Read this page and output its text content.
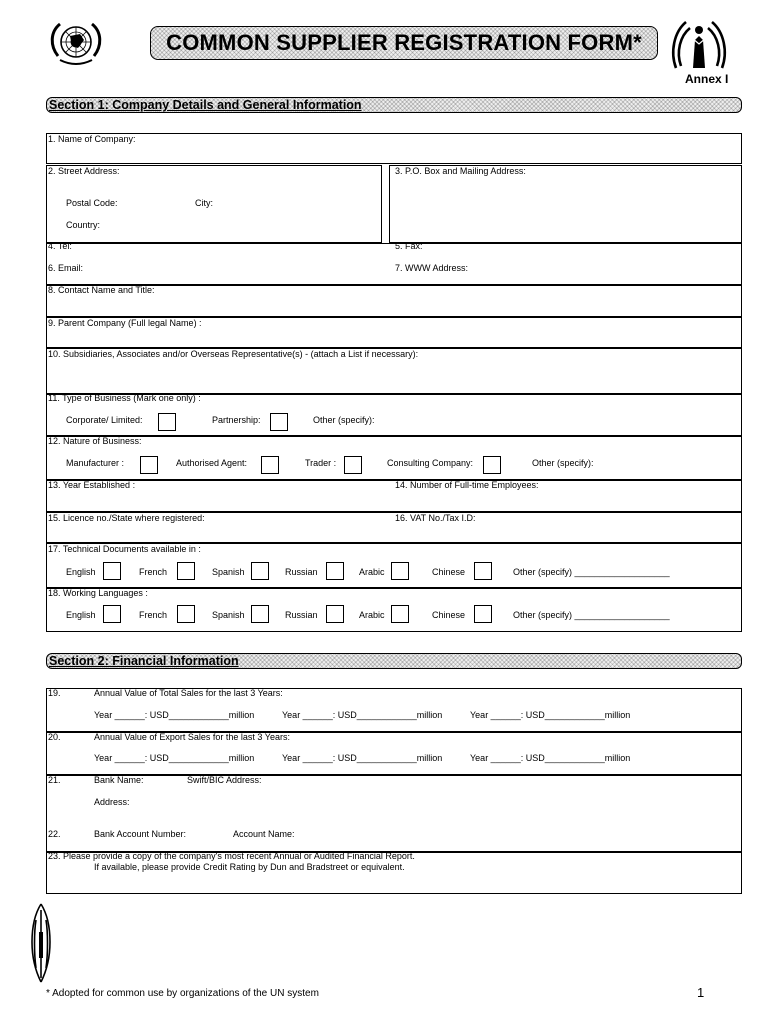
COMMON SUPPLIER REGISTRATION FORM*
Annex I
Section 1: Company Details and General Information
1. Name of Company:
2. Street Address:
Postal Code:	City:
Country:
3. P.O. Box and Mailing Address:
4. Tel:	5. Fax:
6. Email:	7. WWW Address:
8. Contact Name and Title:
9. Parent Company (Full legal Name) :
10. Subsidiaries, Associates and/or Overseas Representative(s) - (attach a List if necessary):
11. Type of Business (Mark one only) :
Corporate/ Limited:	Partnership:	Other (specify):
12. Nature of Business:
Manufacturer :	Authorised Agent:	Trader :	Consulting Company:	Other (specify):
13. Year Established :	14. Number of Full-time Employees:
15. Licence no./State where registered:	16. VAT No./Tax I.D:
17. Technical Documents available in :
English	French	Spanish	Russian	Arabic	Chinese	Other (specify) ___________________
18. Working Languages :
English	French	Spanish	Russian	Arabic	Chinese	Other (specify) ___________________
Section 2: Financial Information
19.	Annual Value of Total Sales for the last 3 Years:
Year ______: USD____________million	Year ______: USD____________million	Year ______: USD____________million
20.	Annual Value of Export Sales for the last 3 Years:
Year ______: USD____________million	Year ______: USD____________million	Year ______: USD____________million
21.	Bank Name:	Swift/BIC Address:
Address:
22.	Bank Account Number:	Account Name:
23. Please provide a copy of the company's most recent Annual or Audited Financial Report.
If available, please provide Credit Rating by Dun and Bradstreet or equivalent.
* Adopted for common use by organizations of the UN system	1
